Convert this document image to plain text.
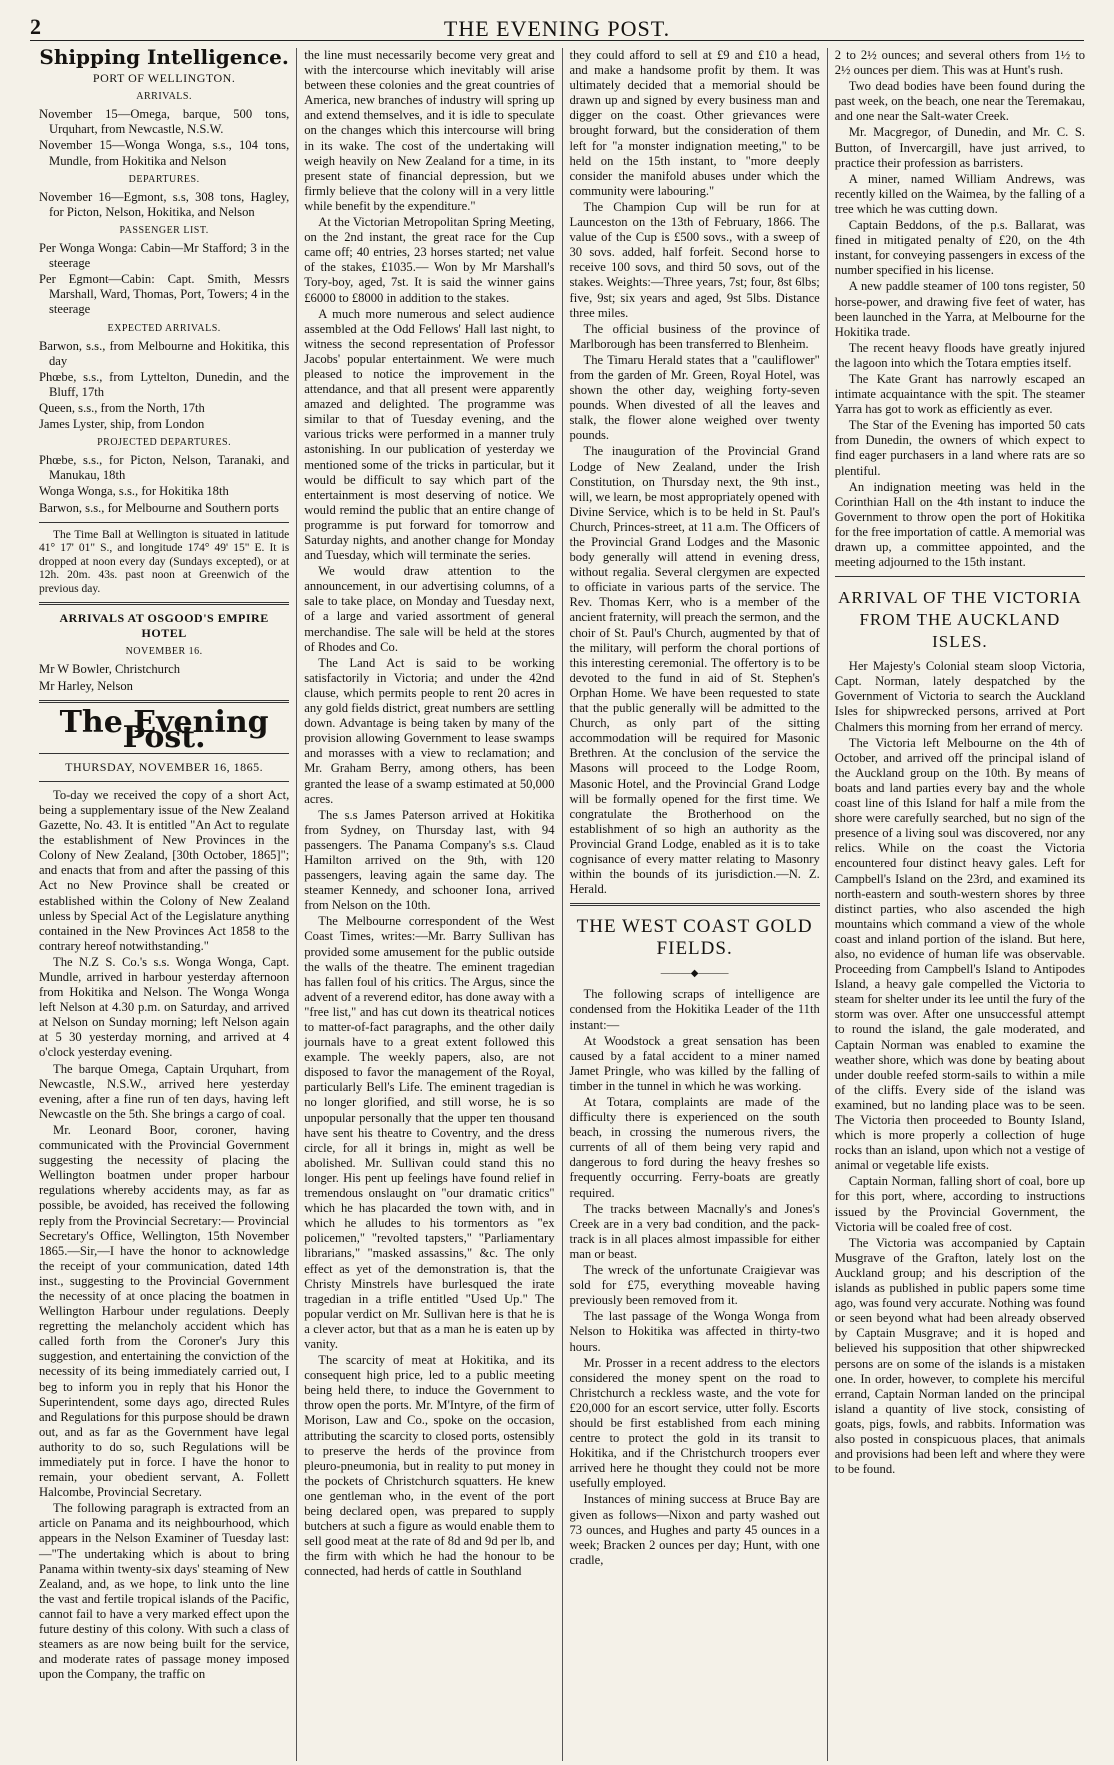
2	THE EVENING POST.
Shipping Intelligence.
PORT OF WELLINGTON.
ARRIVALS.

November 15—Omega, barque, 500 tons, Urquhart, from Newcastle, N.S.W.

November 15—Wonga Wonga, s.s., 104 tons, Mundle, from Hokitika and Nelson

DEPARTURES.

November 16—Egmont, s.s, 308 tons, Hagley, for Picton, Nelson, Hokitika, and Nelson

PASSENGER LIST.

Per Wonga Wonga: Cabin—Mr Stafford; 3 in the steerage

Per Egmont—Cabin: Capt. Smith, Messrs Marshall, Ward, Thomas, Port, Towers; 4 in the steerage

EXPECTED ARRIVALS.

Barwon, s.s., from Melbourne and Hokitika, this day

Phœbe, s.s., from Lyttelton, Dunedin, and the Bluff, 17th

Queen, s.s., from the North, 17th

James Lyster, ship, from London

PROJECTED DEPARTURES.

Phœbe, s.s., for Picton, Nelson, Taranaki, and Manukau, 18th

Wonga Wonga, s.s., for Hokitika 18th

Barwon, s.s., for Melbourne and Southern ports

The Time Ball at Wellington is situated in latitude 41° 17' 01" S., and longitude 174° 49' 15" E. It is dropped at noon every day (Sundays excepted), or at 12h. 20m. 43s. past noon at Greenwich of the previous day.

ARRIVALS AT OSGOOD'S EMPIRE HOTEL
NOVEMBER 16.

Mr W Bowler, Christchurch

Mr Harley, Nelson

The Evening Post.
THURSDAY, NOVEMBER 16, 1865.

To-day we received the copy of a short Act, being a supplementary issue of the New Zealand Gazette, No. 43. It is entitled "An Act to regulate the establishment of New Provinces in the Colony of New Zealand, [30th October, 1865]"; and enacts that from and after the passing of this Act no New Province shall be created or established within the Colony of New Zealand unless by Special Act of the Legislature anything contained in the New Provinces Act 1858 to the contrary hereof notwithstanding."

The N.Z S. Co.'s s.s. Wonga Wonga, Capt. Mundle, arrived in harbour yesterday afternoon from Hokitika and Nelson. The Wonga Wonga left Nelson at 4.30 p.m. on Saturday, and arrived at Nelson on Sunday morning; left Nelson again at 5 30 yesterday morning, and arrived at 4 o'clock yesterday evening.

The barque Omega, Captain Urquhart, from Newcastle, N.S.W., arrived here yesterday evening, after a fine run of ten days, having left Newcastle on the 5th. She brings a cargo of coal.

Mr. Leonard Boor, coroner, having communicated with the Provincial Government suggesting the necessity of placing the Wellington boatmen under proper harbour regulations whereby accidents may, as far as possible, be avoided, has received the following reply from the Provincial Secretary:— Provincial Secretary's Office, Wellington, 15th November 1865.—Sir,—I have the honor to acknowledge the receipt of your communication, dated 14th inst., suggesting to the Provincial Government the necessity of at once placing the boatmen in Wellington Harbour under regulations. Deeply regretting the melancholy accident which has called forth from the Coroner's Jury this suggestion, and entertaining the conviction of the necessity of its being immediately carried out, I beg to inform you in reply that his Honor the Superintendent, some days ago, directed Rules and Regulations for this purpose should be drawn out, and as far as the Government have legal authority to do so, such Regulations will be immediately put in force. I have the honor to remain, your obedient servant, A. Follett Halcombe, Provincial Secretary.

The following paragraph is extracted from an article on Panama and its neighbourhood, which appears in the Nelson Examiner of Tuesday last:—"The undertaking which is about to bring Panama within twenty-six days' steaming of New Zealand, and, as we hope, to link unto the line the vast and fertile tropical islands of the Pacific, cannot fail to have a very marked effect upon the future destiny of this colony. With such a class of steamers as are now being built for the service, and moderate rates of passage money imposed upon the Company, the traffic on

the line must necessarily become very great and with the intercourse which inevitably will arise between these colonies and the great countries of America, new branches of industry will spring up and extend themselves, and it is idle to speculate on the changes which this intercourse will bring in its wake. The cost of the undertaking will weigh heavily on New Zealand for a time, in its present state of financial depression, but we firmly believe that the colony will in a very little while benefit by the expenditure."

At the Victorian Metropolitan Spring Meeting, on the 2nd instant, the great race for the Cup came off; 40 entries, 23 horses started; net value of the stakes, £1035.— Won by Mr Marshall's Tory-boy, aged, 7st. It is said the winner gains £6000 to £8000 in addition to the stakes.

A much more numerous and select audience assembled at the Odd Fellows' Hall last night, to witness the second representation of Professor Jacobs' popular entertainment. We were much pleased to notice the improvement in the attendance, and that all present were apparently amazed and delighted. The programme was similar to that of Tuesday evening, and the various tricks were performed in a manner truly astonishing. In our publication of yesterday we mentioned some of the tricks in particular, but it would be difficult to say which part of the entertainment is most deserving of notice. We would remind the public that an entire change of programme is put forward for tomorrow and Saturday nights, and another change for Monday and Tuesday, which will terminate the series.

We would draw attention to the announcement, in our advertising columns, of a sale to take place, on Monday and Tuesday next, of a large and varied assortment of general merchandise. The sale will be held at the stores of Rhodes and Co.

The Land Act is said to be working satisfactorily in Victoria; and under the 42nd clause, which permits people to rent 20 acres in any gold fields district, great numbers are settling down. Advantage is being taken by many of the provision allowing Government to lease swamps and morasses with a view to reclamation; and Mr. Graham Berry, among others, has been granted the lease of a swamp estimated at 50,000 acres.

The s.s James Paterson arrived at Hokitika from Sydney, on Thursday last, with 94 passengers. The Panama Company's s.s. Claud Hamilton arrived on the 9th, with 120 passengers, leaving again the same day. The steamer Kennedy, and schooner Iona, arrived from Nelson on the 10th.

The Melbourne correspondent of the West Coast Times, writes:—Mr. Barry Sullivan has provided some amusement for the public outside the walls of the theatre. The eminent tragedian has fallen foul of his critics. The Argus, since the advent of a reverend editor, has done away with a "free list," and has cut down its theatrical notices to matter-of-fact paragraphs, and the other daily journals have to a great extent followed this example. The weekly papers, also, are not disposed to favor the management of the Royal, particularly Bell's Life. The eminent tragedian is no longer glorified, and still worse, he is so unpopular personally that the upper ten thousand have sent his theatre to Coventry, and the dress circle, for all it brings in, might as well be abolished. Mr. Sullivan could stand this no longer. His pent up feelings have found relief in tremendous onslaught on "our dramatic critics" which he has placarded the town with, and in which he alludes to his tormentors as "ex policemen," "revolted tapsters," "Parliamentary librarians," "masked assassins," &c. The only effect as yet of the demonstration is, that the Christy Minstrels have burlesqued the irate tragedian in a trifle entitled "Used Up." The popular verdict on Mr. Sullivan here is that he is a clever actor, but that as a man he is eaten up by vanity.

The scarcity of meat at Hokitika, and its consequent high price, led to a public meeting being held there, to induce the Government to throw open the ports. Mr. M'Intyre, of the firm of Morison, Law and Co., spoke on the occasion, attributing the scarcity to closed ports, ostensibly to preserve the herds of the province from pleuro-pneumonia, but in reality to put money in the pockets of Christchurch squatters. He knew one gentleman who, in the event of the port being declared open, was prepared to supply butchers at such a figure as would enable them to sell good meat at the rate of 8d and 9d per lb, and the firm with which he had the honour to be connected, had herds of cattle in Southland

they could afford to sell at £9 and £10 a head, and make a handsome profit by them. It was ultimately decided that a memorial should be drawn up and signed by every business man and digger on the coast. Other grievances were brought forward, but the consideration of them left for "a monster indignation meeting," to be held on the 15th instant, to "more deeply consider the manifold abuses under which the community were labouring."

The Champion Cup will be run for at Launceston on the 13th of February, 1866. The value of the Cup is £500 sovs., with a sweep of 30 sovs. added, half forfeit. Second horse to receive 100 sovs, and third 50 sovs, out of the stakes. Weights:—Three years, 7st; four, 8st 6lbs; five, 9st; six years and aged, 9st 5lbs. Distance three miles.

The official business of the province of Marlborough has been transferred to Blenheim.

The Timaru Herald states that a "cauliflower" from the garden of Mr. Green, Royal Hotel, was shown the other day, weighing forty-seven pounds. When divested of all the leaves and stalk, the flower alone weighed over twenty pounds.

The inauguration of the Provincial Grand Lodge of New Zealand, under the Irish Constitution, on Thursday next, the 9th inst., will, we learn, be most appropriately opened with Divine Service, which is to be held in St. Paul's Church, Princes-street, at 11 a.m. The Officers of the Provincial Grand Lodges and the Masonic body generally will attend in evening dress, without regalia. Several clergymen are expected to officiate in various parts of the service. The Rev. Thomas Kerr, who is a member of the ancient fraternity, will preach the sermon, and the choir of St. Paul's Church, augmented by that of the military, will perform the choral portions of this interesting ceremonial. The offertory is to be devoted to the fund in aid of St. Stephen's Orphan Home. We have been requested to state that the public generally will be admitted to the Church, as only part of the sitting accommodation will be required for Masonic Brethren. At the conclusion of the service the Masons will proceed to the Lodge Room, Masonic Hotel, and the Provincial Grand Lodge will be formally opened for the first time. We congratulate the Brotherhood on the establishment of so high an authority as the Provincial Grand Lodge, enabled as it is to take cognisance of every matter relating to Masonry within the bounds of its jurisdiction.—N. Z. Herald.

THE WEST COAST GOLD FIELDS.
———◆———

The following scraps of intelligence are condensed from the Hokitika Leader of the 11th instant:—

At Woodstock a great sensation has been caused by a fatal accident to a miner named Jamet Pringle, who was killed by the falling of timber in the tunnel in which he was working.

At Totara, complaints are made of the difficulty there is experienced on the south beach, in crossing the numerous rivers, the currents of all of them being very rapid and dangerous to ford during the heavy freshes so frequently occurring. Ferry-boats are greatly required.

The tracks between Macnally's and Jones's Creek are in a very bad condition, and the pack-track is in all places almost impassible for either man or beast.

The wreck of the unfortunate Craigievar was sold for £75, everything moveable having previously been removed from it.

The last passage of the Wonga Wonga from Nelson to Hokitika was affected in thirty-two hours.

Mr. Prosser in a recent address to the electors considered the money spent on the road to Christchurch a reckless waste, and the vote for £20,000 for an escort service, utter folly. Escorts should be first established from each mining centre to protect the gold in its transit to Hokitika, and if the Christchurch troopers ever arrived here he thought they could not be more usefully employed.

Instances of mining success at Bruce Bay are given as follows—Nixon and party washed out 73 ounces, and Hughes and party 45 ounces in a week; Bracken 2 ounces per day; Hunt, with one cradle,

2 to 2½ ounces; and several others from 1½ to 2½ ounces per diem. This was at Hunt's rush.

Two dead bodies have been found during the past week, on the beach, one near the Teremakau, and one near the Salt-water Creek.

Mr. Macgregor, of Dunedin, and Mr. C. S. Button, of Invercargill, have just arrived, to practice their profession as barristers.

A miner, named William Andrews, was recently killed on the Waimea, by the falling of a tree which he was cutting down.

Captain Beddons, of the p.s. Ballarat, was fined in mitigated penalty of £20, on the 4th instant, for conveying passengers in excess of the number specified in his license.

A new paddle steamer of 100 tons register, 50 horse-power, and drawing five feet of water, has been launched in the Yarra, at Melbourne for the Hokitika trade.

The recent heavy floods have greatly injured the lagoon into which the Totara empties itself.

The Kate Grant has narrowly escaped an intimate acquaintance with the spit. The steamer Yarra has got to work as efficiently as ever.

The Star of the Evening has imported 50 cats from Dunedin, the owners of which expect to find eager purchasers in a land where rats are so plentiful.

An indignation meeting was held in the Corinthian Hall on the 4th instant to induce the Government to throw open the port of Hokitika for the free importation of cattle. A memorial was drawn up, a committee appointed, and the meeting adjourned to the 15th instant.

ARRIVAL OF THE VICTORIA FROM THE AUCKLAND ISLES.

Her Majesty's Colonial steam sloop Victoria, Capt. Norman, lately despatched by the Government of Victoria to search the Auckland Isles for shipwrecked persons, arrived at Port Chalmers this morning from her errand of mercy.

The Victoria left Melbourne on the 4th of October, and arrived off the principal island of the Auckland group on the 10th. By means of boats and land parties every bay and the whole coast line of this Island for half a mile from the shore were carefully searched, but no sign of the presence of a living soul was discovered, nor any relics. While on the coast the Victoria encountered four distinct heavy gales. Left for Campbell's Island on the 23rd, and examined its north-eastern and south-western shores by three distinct parties, who also ascended the high mountains which command a view of the whole coast and inland portion of the island. But here, also, no evidence of human life was observable. Proceeding from Campbell's Island to Antipodes Island, a heavy gale compelled the Victoria to steam for shelter under its lee until the fury of the storm was over. After one unsuccessful attempt to round the island, the gale moderated, and Captain Norman was enabled to examine the weather shore, which was done by beating about under double reefed storm-sails to within a mile of the cliffs. Every side of the island was examined, but no landing place was to be seen. The Victoria then proceeded to Bounty Island, which is more properly a collection of huge rocks than an island, upon which not a vestige of animal or vegetable life exists.

Captain Norman, falling short of coal, bore up for this port, where, according to instructions issued by the Provincial Government, the Victoria will be coaled free of cost.

The Victoria was accompanied by Captain Musgrave of the Grafton, lately lost on the Auckland group; and his description of the islands as published in public papers some time ago, was found very accurate. Nothing was found or seen beyond what had been already observed by Captain Musgrave; and it is hoped and believed his supposition that other shipwrecked persons are on some of the islands is a mistaken one. In order, however, to complete his merciful errand, Captain Norman landed on the principal island a quantity of live stock, consisting of goats, pigs, fowls, and rabbits. Information was also posted in conspicuous places, that animals and provisions had been left and where they were to be found.
